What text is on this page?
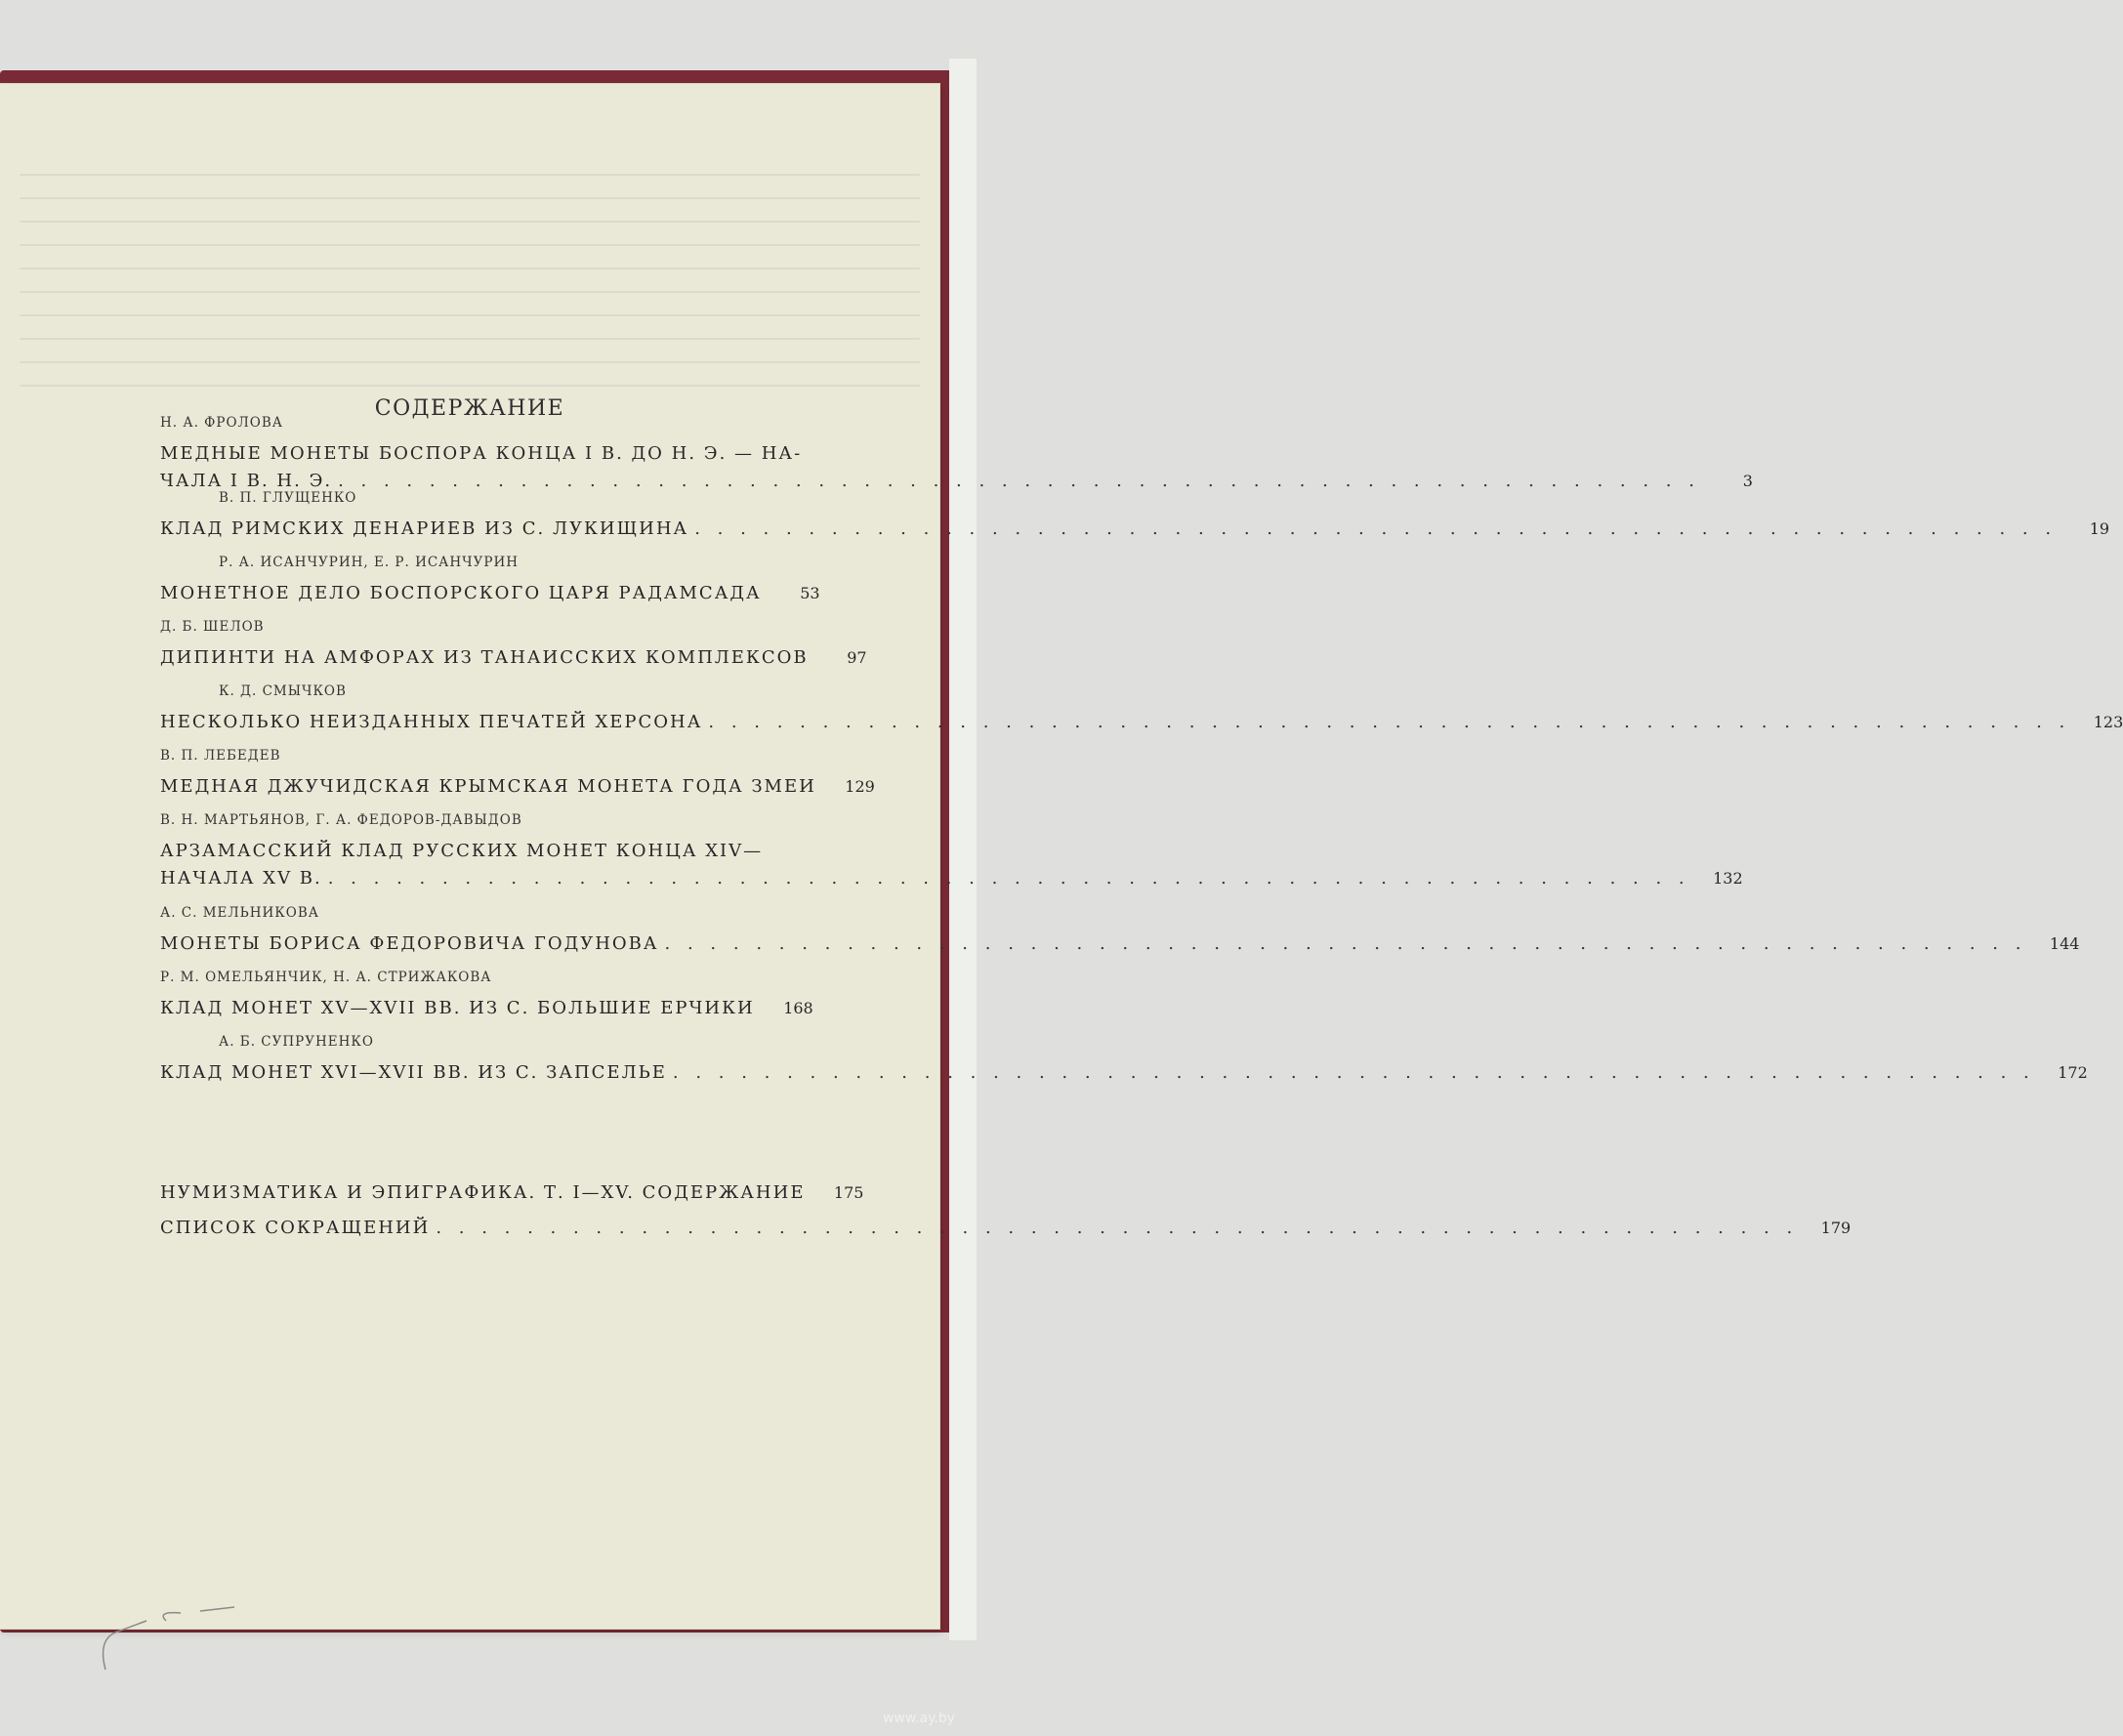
СОДЕРЖАНИЕ
Н. А. ФРОЛОВА
МЕДНЫЕ МОНЕТЫ БОСПОРА КОНЦА I В. ДО Н. Э. — НА-
ЧАЛА I В. Н. Э. . . . . . . . . . . . . . . . . . . . . . . . . . . . . . . . . . . . . . . . . . . . . . . . . . . . . . . . . . . . .	3
В. П. ГЛУЩЕНКО
КЛАД РИМСКИХ ДЕНАРИЕВ ИЗ С. ЛУКИЩИНА . . . . . . . . . . . . . . . . . . . . . . . . . . . . . . . . . . . . . . . . . . . . . . . . . . . . . . . . . . . .	19
Р. А. ИСАНЧУРИН, Е. Р. ИСАНЧУРИН
МОНЕТНОЕ ДЕЛО БОСПОРСКОГО ЦАРЯ РАДАМСАДА	53
Д. Б. ШЕЛОВ
ДИПИНТИ НА АМФОРАХ ИЗ ТАНАИССКИХ КОМПЛЕКСОВ	97
К. Д. СМЫЧКОВ
НЕСКОЛЬКО НЕИЗДАННЫХ ПЕЧАТЕЙ ХЕРСОНА . . . . . . . . . . . . . . . . . . . . . . . . . . . . . . . . . . . . . . . . . . . . . . . . . . . . . . . . . . . .	123
В. П. ЛЕБЕДЕВ
МЕДНАЯ ДЖУЧИДСКАЯ КРЫМСКАЯ МОНЕТА ГОДА ЗМЕИ	129
В. Н. МАРТЬЯНОВ, Г. А. ФЕДОРОВ-ДАВЫДОВ
АРЗАМАССКИЙ КЛАД РУССКИХ МОНЕТ КОНЦА XIV—
НАЧАЛА XV В. . . . . . . . . . . . . . . . . . . . . . . . . . . . . . . . . . . . . . . . . . . . . . . . . . . . . . . . . . . . .	132
А. С. МЕЛЬНИКОВА
МОНЕТЫ БОРИСА ФЕДОРОВИЧА ГОДУНОВА . . . . . . . . . . . . . . . . . . . . . . . . . . . . . . . . . . . . . . . . . . . . . . . . . . . . . . . . . . . .	144
Р. М. ОМЕЛЬЯНЧИК, Н. А. СТРИЖАКОВА
КЛАД МОНЕТ XV—XVII ВВ. ИЗ С. БОЛЬШИЕ ЕРЧИКИ	168
А. Б. СУПРУНЕНКО
КЛАД МОНЕТ XVI—XVII ВВ. ИЗ С. ЗАПСЕЛЬЕ . . . . . . . . . . . . . . . . . . . . . . . . . . . . . . . . . . . . . . . . . . . . . . . . . . . . . . . . . . . .	172
НУМИЗМАТИКА И ЭПИГРАФИКА. Т. I—XV. СОДЕРЖАНИЕ	175
СПИСОК СОКРАЩЕНИЙ . . . . . . . . . . . . . . . . . . . . . . . . . . . . . . . . . . . . . . . . . . . . . . . . . . . . . . . . . . . .	179
www.ay.by
